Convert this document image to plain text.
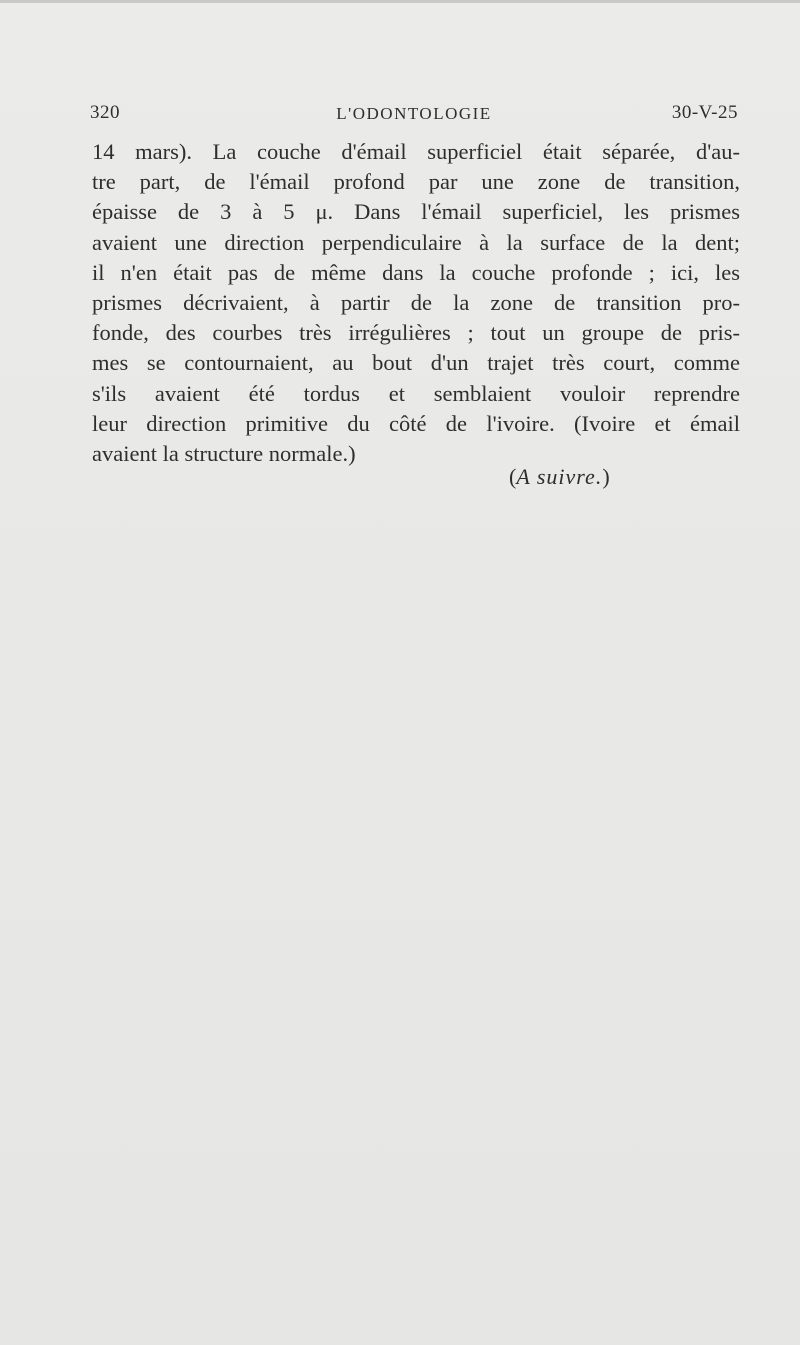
320	L'ODONTOLOGIE	30-V-25
14 mars). La couche d'émail superficiel était séparée, d'au-
tre part, de l'émail profond par une zone de transition,
épaisse de 3 à 5 μ. Dans l'émail superficiel, les prismes
avaient une direction perpendiculaire à la surface de la dent;
il n'en était pas de même dans la couche profonde ; ici, les
prismes décrivaient, à partir de la zone de transition pro-
fonde, des courbes très irrégulières ; tout un groupe de pris-
mes se contournaient, au bout d'un trajet très court, comme
s'ils avaient été tordus et semblaient vouloir reprendre
leur direction primitive du côté de l'ivoire. (Ivoire et émail
avaient la structure normale.)
(A suivre.)
